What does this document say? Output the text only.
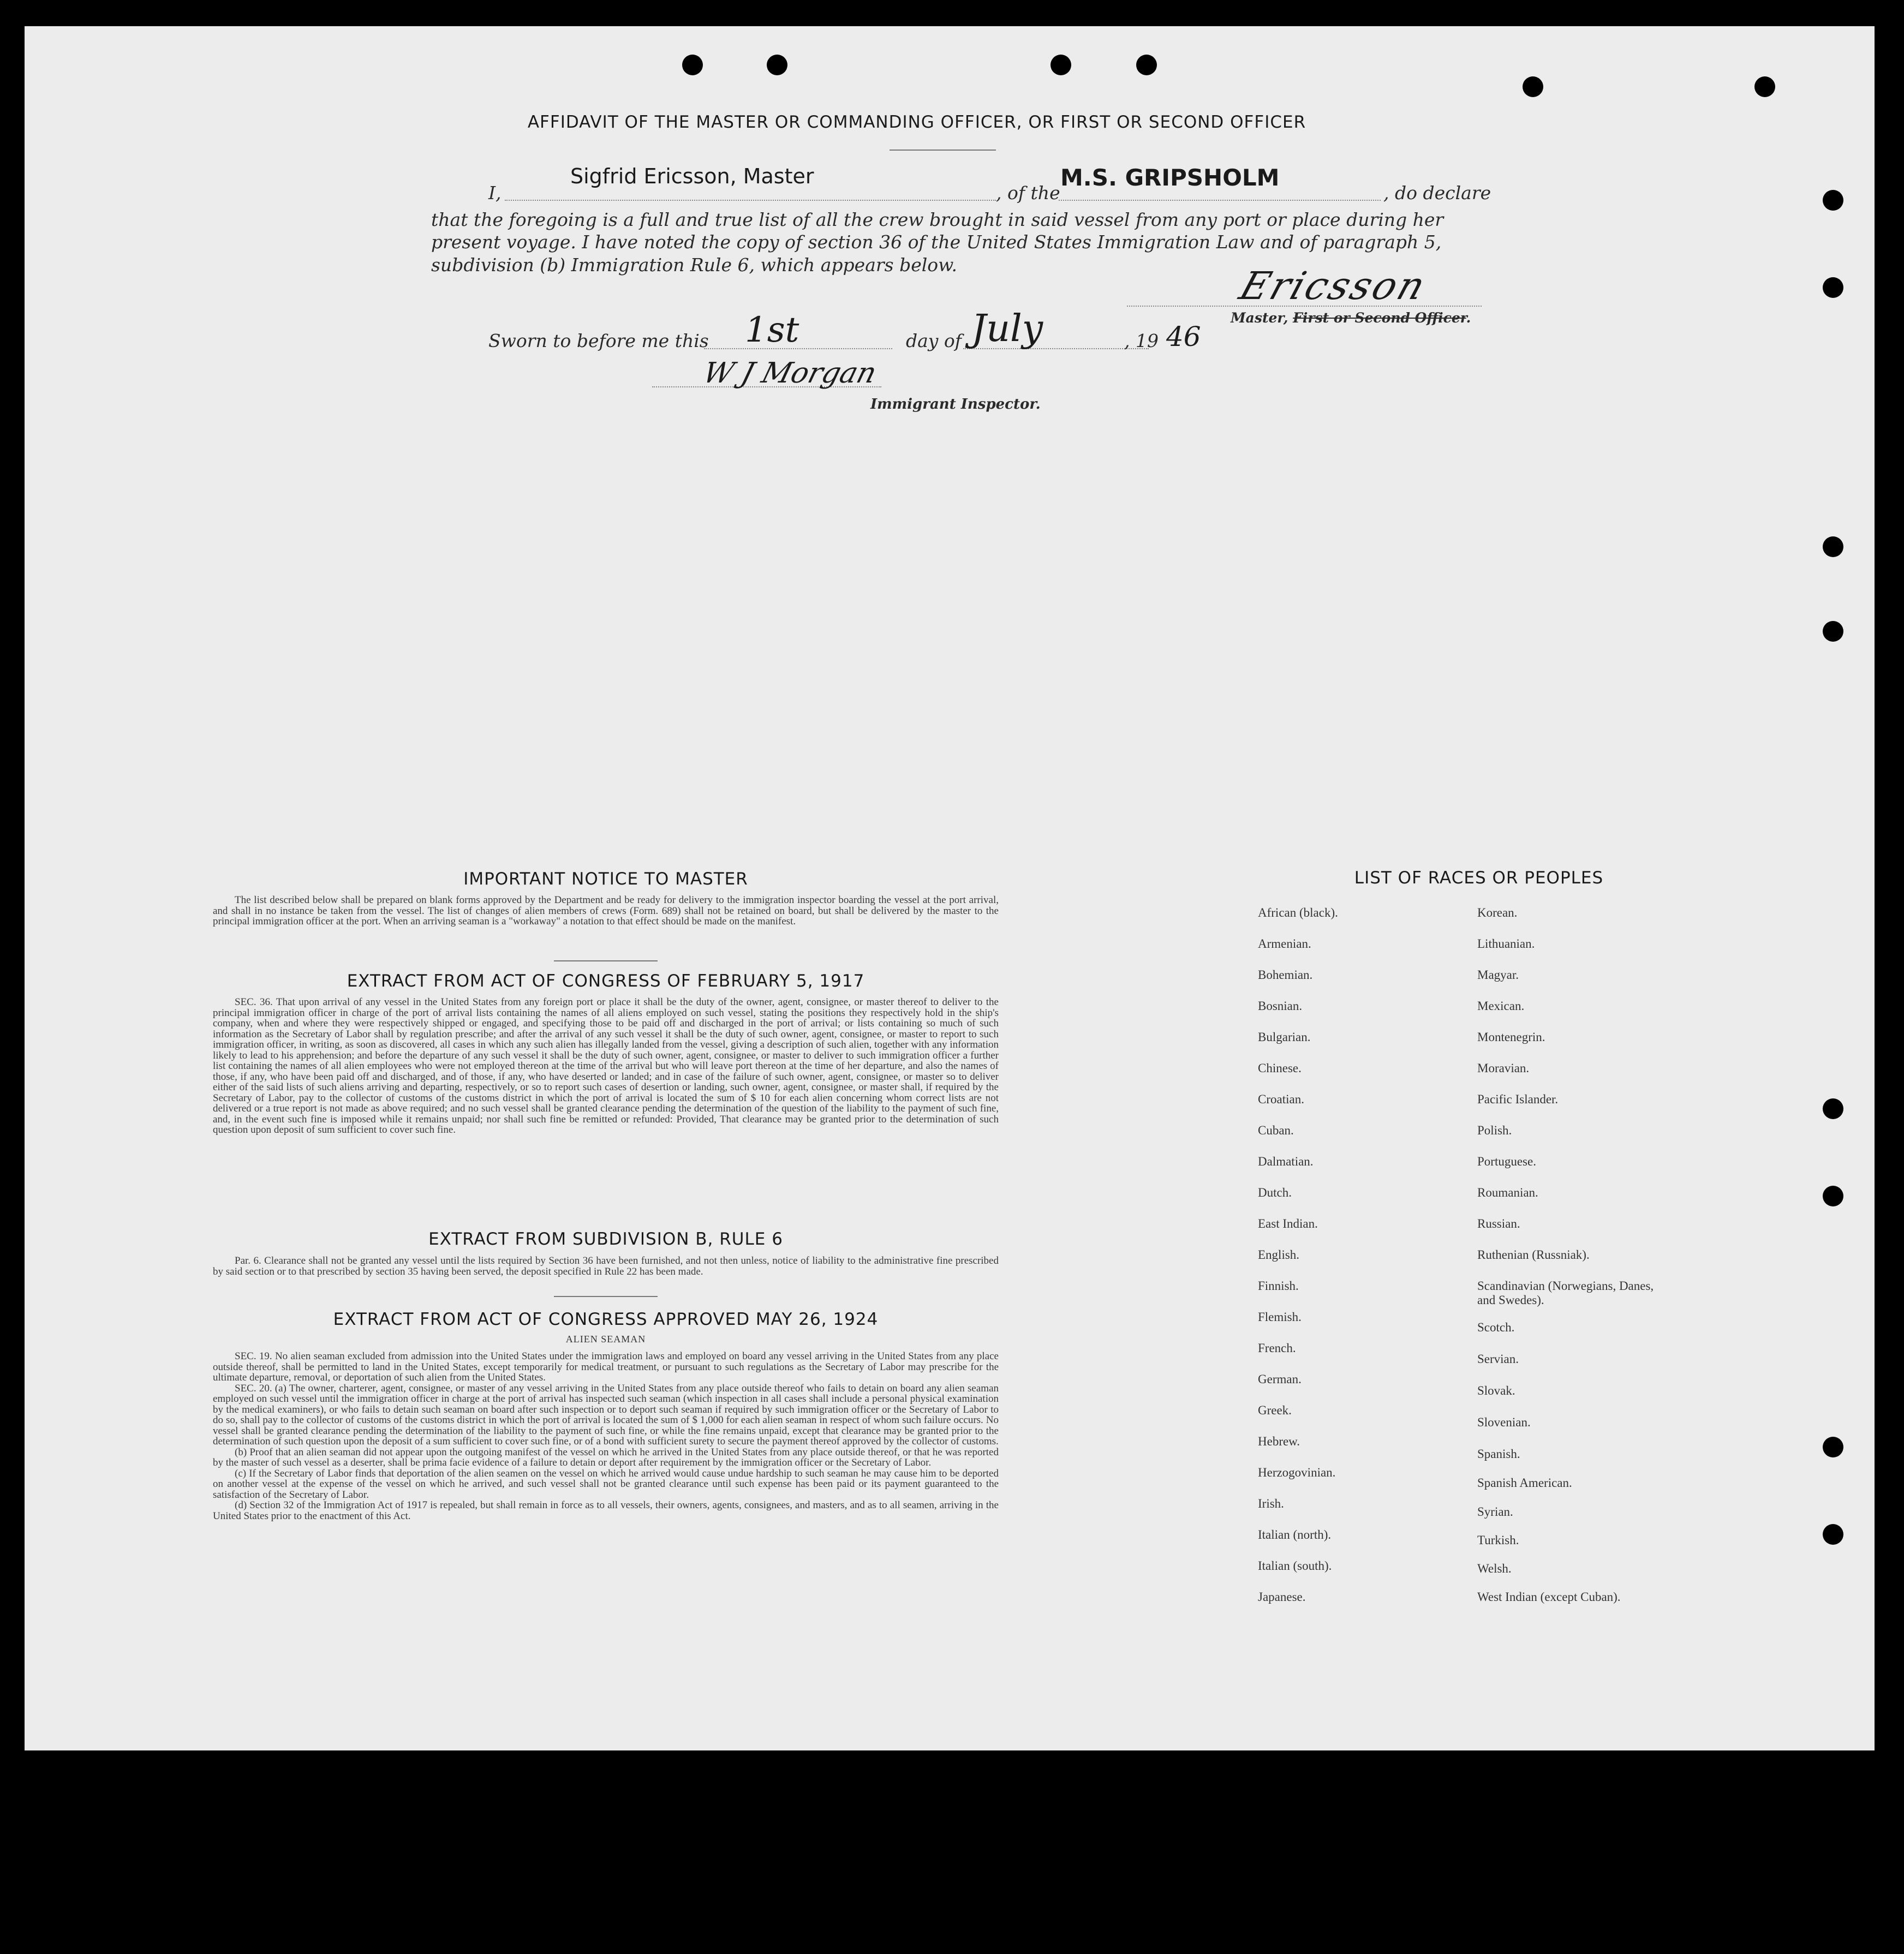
AFFIDAVIT OF THE MASTER OR COMMANDING OFFICER, OR FIRST OR SECOND OFFICER
I,
Sigfrid Ericsson, Master
, of the
M.S. GRIPSHOLM
, do declare
that the foregoing is a full and true list of all the crew brought in said vessel from any port or place during her
present voyage. I have noted the copy of section 36 of the United States Immigration Law and of paragraph 5,
subdivision (b) Immigration Rule 6, which appears below.	Ericsson
Master, First or Second Officer.
Sworn to before me this 1st	day of July	, 19 46
W J Morgan
Immigrant Inspector.
IMPORTANT NOTICE TO MASTER

The list described below shall be prepared on blank forms approved by the Department and be ready for delivery to the immigration inspector boarding the vessel at the port arrival, and shall in no instance be taken from the vessel. The list of changes of alien members of crews (Form. 689) shall not be retained on board, but shall be delivered by the master to the principal immigration officer at the port. When an arriving seaman is a "workaway" a notation to that effect should be made on the manifest.

EXTRACT FROM ACT OF CONGRESS OF FEBRUARY 5, 1917

SEC. 36. That upon arrival of any vessel in the United States from any foreign port or place it shall be the duty of the owner, agent, consignee, or master thereof to deliver to the principal immigration officer in charge of the port of arrival lists containing the names of all aliens employed on such vessel, stating the positions they respectively hold in the ship's company, when and where they were respectively shipped or engaged, and specifying those to be paid off and discharged in the port of arrival; or lists containing so much of such information as the Secretary of Labor shall by regulation prescribe; and after the arrival of any such vessel it shall be the duty of such owner, agent, consignee, or master to report to such immigration officer, in writing, as soon as discovered, all cases in which any such alien has illegally landed from the vessel, giving a description of such alien, together with any information likely to lead to his apprehension; and before the departure of any such vessel it shall be the duty of such owner, agent, consignee, or master to deliver to such immigration officer a further list containing the names of all alien employees who were not employed thereon at the time of the arrival but who will leave port thereon at the time of her departure, and also the names of those, if any, who have been paid off and discharged, and of those, if any, who have deserted or landed; and in case of the failure of such owner, agent, consignee, or master so to deliver either of the said lists of such aliens arriving and departing, respectively, or so to report such cases of desertion or landing, such owner, agent, consignee, or master shall, if required by the Secretary of Labor, pay to the collector of customs of the customs district in which the port of arrival is located the sum of $ 10 for each alien concerning whom correct lists are not delivered or a true report is not made as above required; and no such vessel shall be granted clearance pending the determination of the question of the liability to the payment of such fine, and, in the event such fine is imposed while it remains unpaid; nor shall such fine be remitted or refunded: Provided, That clearance may be granted prior to the determination of such question upon deposit of sum sufficient to cover such fine.

EXTRACT FROM SUBDIVISION B, RULE 6

Par. 6. Clearance shall not be granted any vessel until the lists required by Section 36 have been furnished, and not then unless, notice of liability to the administrative fine prescribed by said section or to that prescribed by section 35 having been served, the deposit specified in Rule 22 has been made.

EXTRACT FROM ACT OF CONGRESS APPROVED MAY 26, 1924
ALIEN SEAMAN

SEC. 19. No alien seaman excluded from admission into the United States under the immigration laws and employed on board any vessel arriving in the United States from any place outside thereof, shall be permitted to land in the United States, except temporarily for medical treatment, or pursuant to such regulations as the Secretary of Labor may prescribe for the ultimate departure, removal, or deportation of such alien from the United States.

SEC. 20. (a) The owner, charterer, agent, consignee, or master of any vessel arriving in the United States from any place outside thereof who fails to detain on board any alien seaman employed on such vessel until the immigration officer in charge at the port of arrival has inspected such seaman (which inspection in all cases shall include a personal physical examination by the medical examiners), or who fails to detain such seaman on board after such inspection or to deport such seaman if required by such immigration officer or the Secretary of Labor to do so, shall pay to the collector of customs of the customs district in which the port of arrival is located the sum of $ 1,000 for each alien seaman in respect of whom such failure occurs. No vessel shall be granted clearance pending the determination of the liability to the payment of such fine, or while the fine remains unpaid, except that clearance may be granted prior to the determination of such question upon the deposit of a sum sufficient to cover such fine, or of a bond with sufficient surety to secure the payment thereof approved by the collector of customs.

(b) Proof that an alien seaman did not appear upon the outgoing manifest of the vessel on which he arrived in the United States from any place outside thereof, or that he was reported by the master of such vessel as a deserter, shall be prima facie evidence of a failure to detain or deport after requirement by the immigration officer or the Secretary of Labor.

(c) If the Secretary of Labor finds that deportation of the alien seamen on the vessel on which he arrived would cause undue hardship to such seaman he may cause him to be deported on another vessel at the expense of the vessel on which he arrived, and such vessel shall not be granted clearance until such expense has been paid or its payment guaranteed to the satisfaction of the Secretary of Labor.

(d) Section 32 of the Immigration Act of 1917 is repealed, but shall remain in force as to all vessels, their owners, agents, consignees, and masters, and as to all seamen, arriving in the United States prior to the enactment of this Act.

LIST OF RACES OR PEOPLES
African (black).
Armenian.
Bohemian.
Bosnian.
Bulgarian.
Chinese.
Croatian.
Cuban.
Dalmatian.
Dutch.
East Indian.
English.
Finnish.
Flemish.
French.
German.
Greek.
Hebrew.
Herzogovinian.
Irish.
Italian (north).
Italian (south).
Japanese.
Korean.
Lithuanian.
Magyar.
Mexican.
Montenegrin.
Moravian.
Pacific Islander.
Polish.
Portuguese.
Roumanian.
Russian.
Ruthenian (Russniak).
Scandinavian (Norwegians, Danes, and Swedes).
Scotch.
Servian.
Slovak.
Slovenian.
Spanish.
Spanish American.
Syrian.
Turkish.
Welsh.
West Indian (except Cuban).
